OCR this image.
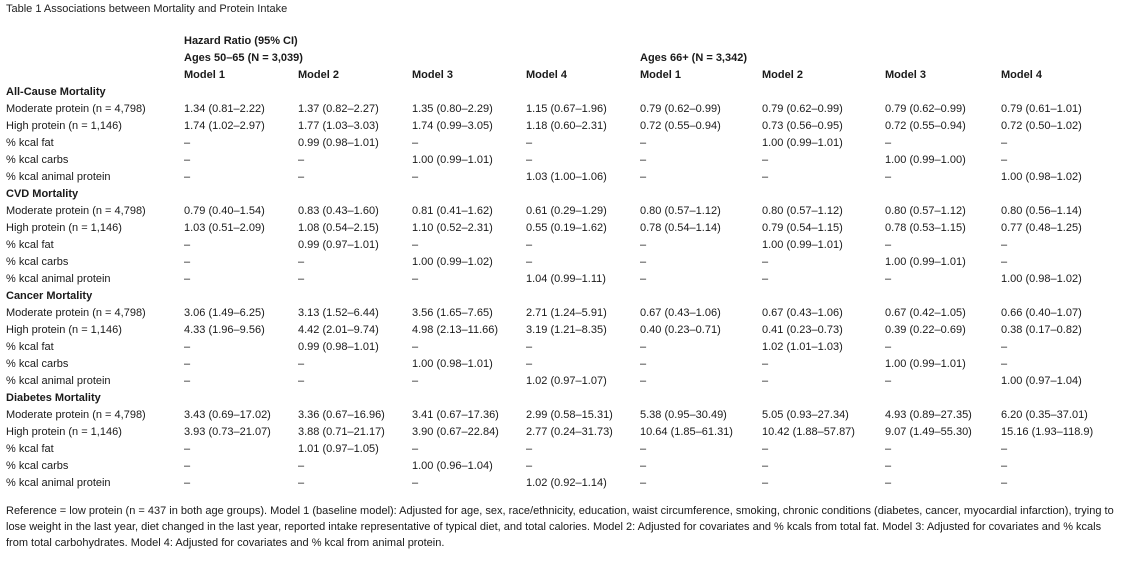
Table 1 Associations between Mortality and Protein Intake
	Hazard Ratio (95% CI)							
	Ages 50–65 (N = 3,039)				Ages 66+ (N = 3,342)			
	Model 1	Model 2	Model 3	Model 4	Model 1	Model 2	Model 3	Model 4
All-Cause Mortality								
Moderate protein (n = 4,798)	1.34 (0.81–2.22)	1.37 (0.82–2.27)	1.35 (0.80–2.29)	1.15 (0.67–1.96)	0.79 (0.62–0.99)	0.79 (0.62–0.99)	0.79 (0.62–0.99)	0.79 (0.61–1.01)
High protein (n = 1,146)	1.74 (1.02–2.97)	1.77 (1.03–3.03)	1.74 (0.99–3.05)	1.18 (0.60–2.31)	0.72 (0.55–0.94)	0.73 (0.56–0.95)	0.72 (0.55–0.94)	0.72 (0.50–1.02)
% kcal fat	–	0.99 (0.98–1.01)	–	–	–	1.00 (0.99–1.01)	–	–
% kcal carbs	–	–	1.00 (0.99–1.01)	–	–	–	1.00 (0.99–1.00)	–
% kcal animal protein	–	–	–	1.03 (1.00–1.06)	–	–	–	1.00 (0.98–1.02)
CVD Mortality								
Moderate protein (n = 4,798)	0.79 (0.40–1.54)	0.83 (0.43–1.60)	0.81 (0.41–1.62)	0.61 (0.29–1.29)	0.80 (0.57–1.12)	0.80 (0.57–1.12)	0.80 (0.57–1.12)	0.80 (0.56–1.14)
High protein (n = 1,146)	1.03 (0.51–2.09)	1.08 (0.54–2.15)	1.10 (0.52–2.31)	0.55 (0.19–1.62)	0.78 (0.54–1.14)	0.79 (0.54–1.15)	0.78 (0.53–1.15)	0.77 (0.48–1.25)
% kcal fat	–	0.99 (0.97–1.01)	–	–	–	1.00 (0.99–1.01)	–	–
% kcal carbs	–	–	1.00 (0.99–1.02)	–	–	–	1.00 (0.99–1.01)	–
% kcal animal protein	–	–	–	1.04 (0.99–1.11)	–	–	–	1.00 (0.98–1.02)
Cancer Mortality								
Moderate protein (n = 4,798)	3.06 (1.49–6.25)	3.13 (1.52–6.44)	3.56 (1.65–7.65)	2.71 (1.24–5.91)	0.67 (0.43–1.06)	0.67 (0.43–1.06)	0.67 (0.42–1.05)	0.66 (0.40–1.07)
High protein (n = 1,146)	4.33 (1.96–9.56)	4.42 (2.01–9.74)	4.98 (2.13–11.66)	3.19 (1.21–8.35)	0.40 (0.23–0.71)	0.41 (0.23–0.73)	0.39 (0.22–0.69)	0.38 (0.17–0.82)
% kcal fat	–	0.99 (0.98–1.01)	–	–	–	1.02 (1.01–1.03)	–	–
% kcal carbs	–	–	1.00 (0.98–1.01)	–	–	–	1.00 (0.99–1.01)	–
% kcal animal protein	–	–	–	1.02 (0.97–1.07)	–	–	–	1.00 (0.97–1.04)
Diabetes Mortality								
Moderate protein (n = 4,798)	3.43 (0.69–17.02)	3.36 (0.67–16.96)	3.41 (0.67–17.36)	2.99 (0.58–15.31)	5.38 (0.95–30.49)	5.05 (0.93–27.34)	4.93 (0.89–27.35)	6.20 (0.35–37.01)
High protein (n = 1,146)	3.93 (0.73–21.07)	3.88 (0.71–21.17)	3.90 (0.67–22.84)	2.77 (0.24–31.73)	10.64 (1.85–61.31)	10.42 (1.88–57.87)	9.07 (1.49–55.30)	15.16 (1.93–118.9)
% kcal fat	–	1.01 (0.97–1.05)	–	–	–	–	–	–
% kcal carbs	–	–	1.00 (0.96–1.04)	–	–	–	–	–
% kcal animal protein	–	–	–	1.02 (0.92–1.14)	–	–	–	–
Reference = low protein (n = 437 in both age groups). Model 1 (baseline model): Adjusted for age, sex, race/ethnicity, education, waist circumference, smoking, chronic conditions (diabetes, cancer, myocardial infarction), trying to lose weight in the last year, diet changed in the last year, reported intake representative of typical diet, and total calories. Model 2: Adjusted for covariates and % kcals from total fat. Model 3: Adjusted for covariates and % kcals from total carbohydrates. Model 4: Adjusted for covariates and % kcal from animal protein.
